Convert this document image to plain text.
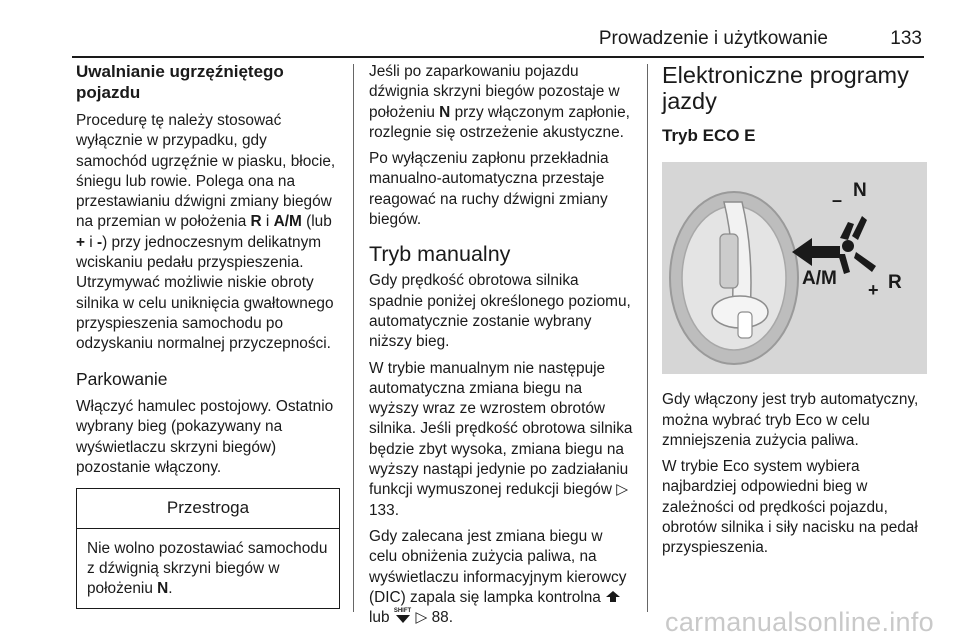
Prowadzenie i użytkowanie	133
Uwalnianie ugrzęźniętego pojazdu

Procedurę tę należy stosować wyłącznie w przypadku, gdy samochód ugrzęźnie w piasku, błocie, śniegu lub rowie. Polega ona na przestawianiu dźwigni zmiany biegów na przemian w położenia R i A/M (lub + i -) przy jednoczesnym delikatnym wciskaniu pedału przyspieszenia. Utrzymywać możliwie niskie obroty silnika w celu uniknięcia gwałtownego przyspieszenia samochodu po odzyskaniu normalnej przyczepności.

Parkowanie

Włączyć hamulec postojowy. Ostatnio wybrany bieg (pokazywany na wyświetlaczu skrzyni biegów) pozostanie włączony.

Przestroga
Nie wolno pozostawiać samochodu z dźwignią skrzyni biegów w położeniu N.

Jeśli po zaparkowaniu pojazdu dźwignia skrzyni biegów pozostaje w położeniu N przy włączonym zapłonie, rozlegnie się ostrzeżenie akustyczne.

Po wyłączeniu zapłonu przekładnia manualno-automatyczna przestaje reagować na ruchy dźwigni zmiany biegów.

Tryb manualny

Gdy prędkość obrotowa silnika spadnie poniżej określonego poziomu, automatycznie zostanie wybrany niższy bieg.

W trybie manualnym nie następuje automatyczna zmiana biegu na wyższy wraz ze wzrostem obrotów silnika. Jeśli prędkość obrotowa silnika będzie zbyt wysoka, zmiana biegu na wyższy nastąpi jedynie po zadziałaniu funkcji wymuszonej redukcji biegów ▷ 133.

Gdy zalecana jest zmiana biegu w celu obniżenia zużycia paliwa, na wyświetlaczu informacyjnym kierowcy (DIC) zapala się lampka kontrolna  lub SHIFT ▷ 88.

Elektroniczne programy jazdy
Tryb ECO E
N
–
A/M	R
+

Gdy włączony jest tryb automatyczny, można wybrać tryb Eco w celu zmniejszenia zużycia paliwa.

W trybie Eco system wybiera najbardziej odpowiedni bieg w zależności od prędkości pojazdu, obrotów silnika i siły nacisku na pedał przyspieszenia.

carmanualsonline.info
